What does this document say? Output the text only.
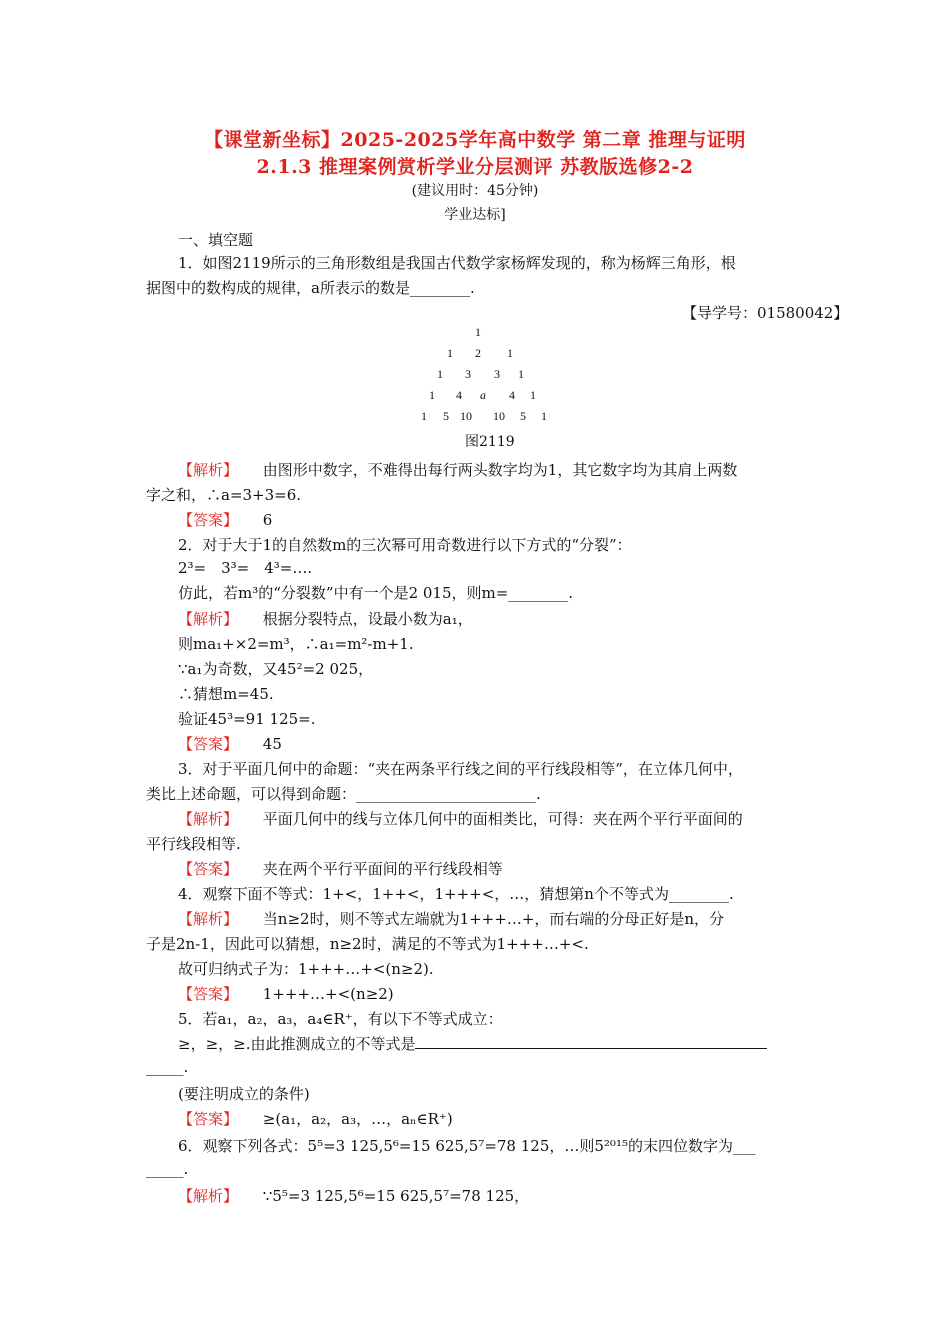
【课堂新坐标】2025-2025学年高中数学 第二章 推理与证明
2.1.3 推理案例赏析学业分层测评 苏教版选修2-2
(建议用时：45分钟)
学业达标]
一、填空题
1．如图2119所示的三角形数组是我国古代数学家杨辉发现的，称为杨辉三角形，根
据图中的数构成的规律，a所表示的数是________.
【导学号：01580042】
1
1 2 1
1 3 3 1
1 4 a 4 1
1 5 10 10 5 1
图2119
【解析】 由图形中数字，不难得出每行两头数字均为1，其它数字均为其肩上两数
字之和，∴a=3+3=6.
【答案】 6
2．对于大于1的自然数m的三次幂可用奇数进行以下方式的“分裂”：
2³=　3³=　4³=….
仿此，若m³的“分裂数”中有一个是2 015，则m=________.
【解析】 根据分裂特点，设最小数为a₁，
则ma₁+×2=m³，∴a₁=m²-m+1.
∵a₁为奇数，又45²=2 025，
∴猜想m=45.
验证45³=91 125=.
【答案】 45
3．对于平面几何中的命题：“夹在两条平行线之间的平行线段相等”，在立体几何中，
类比上述命题，可以得到命题：________________________.
【解析】 平面几何中的线与立体几何中的面相类比，可得：夹在两个平行平面间的
平行线段相等.
【答案】 夹在两个平行平面间的平行线段相等
4．观察下面不等式：1+<，1++<，1+++<，…，猜想第n个不等式为________.
【解析】 当n≥2时，则不等式左端就为1+++…+，而右端的分母正好是n，分
子是2n-1，因此可以猜想，n≥2时，满足的不等式为1+++…+<.
故可归纳式子为：1+++…+<(n≥2).
【答案】 1+++…+<(n≥2)
5．若a₁，a₂，a₃，a₄∈R⁺，有以下不等式成立：
≥，≥，≥.由此推测成立的不等式是
_____.
(要注明成立的条件)
【答案】 ≥(a₁，a₂，a₃，…，aₙ∈R⁺)
6．观察下列各式：5⁵=3 125,5⁶=15 625,5⁷=78 125，…则5²⁰¹⁵的末四位数字为___
_____.
【解析】 ∵5⁵=3 125,5⁶=15 625,5⁷=78 125，
